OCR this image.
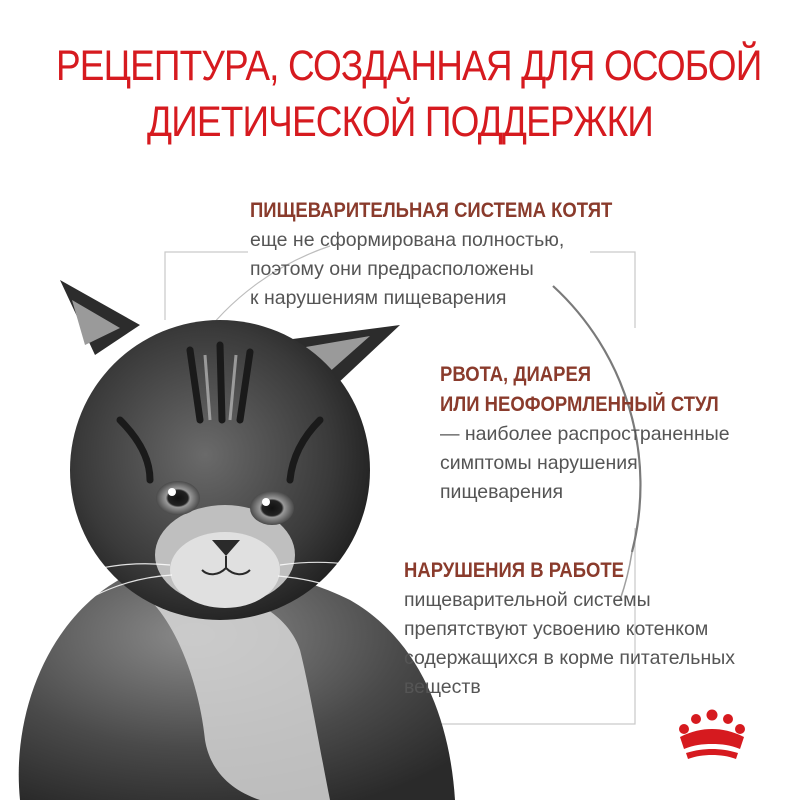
РЕЦЕПТУРА, СОЗДАННАЯ ДЛЯ ОСОБОЙ
ДИЕТИЧЕСКОЙ ПОДДЕРЖКИ
ПИЩЕВАРИТЕЛЬНАЯ СИСТЕМА КОТЯТ
еще не сформирована полностью,
поэтому они предрасположены
к нарушениям пищеварения
РВОТА, ДИАРЕЯ
ИЛИ НЕОФОРМЛЕННЫЙ СТУЛ
— наиболее распространенные
симптомы нарушения
пищеварения
НАРУШЕНИЯ В РАБОТЕ
пищеварительной системы
препятствуют усвоению котенком
содержащихся в корме питательных
веществ
